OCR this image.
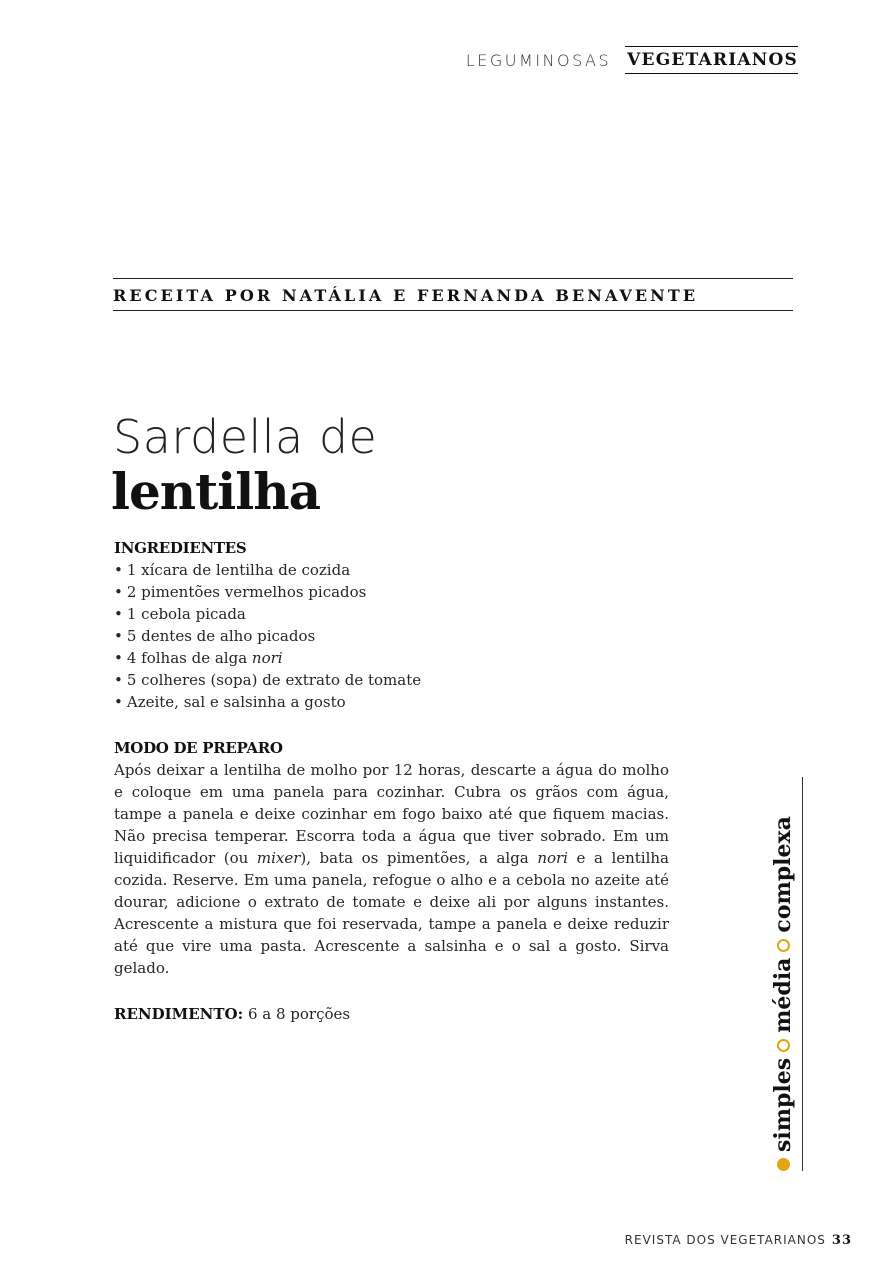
LEGUMINOSAS VEGETARIANOS
RECEITA POR NATÁLIA E FERNANDA BENAVENTE
Sardella de
lentilha
INGREDIENTES
• 1 xícara de lentilha de cozida
• 2 pimentões vermelhos picados
• 1 cebola picada
• 5 dentes de alho picados
• 4 folhas de alga nori
• 5 colheres (sopa) de extrato de tomate
• Azeite, sal e salsinha a gosto
MODO DE PREPARO

Após deixar a lentilha de molho por 12 horas, descarte a água do molho e coloque em uma panela para cozinhar. Cubra os grãos com água, tampe a panela e deixe cozinhar em fogo baixo até que fiquem macias. Não precisa temperar. Escorra toda a água que tiver sobrado. Em um liquidificador (ou mixer), bata os pimentões, a alga nori e a lentilha cozida. Reserve. Em uma panela, refogue o alho e a cebola no azeite até dourar, adicione o extrato de tomate e deixe ali por alguns instantes. Acrescente a mistura que foi reservada, tampe a panela e deixe reduzir até que vire uma pasta. Acrescente a salsinha e o sal a gosto. Sirva gelado.

RENDIMENTO: 6 a 8 porções

simples
média
complexa
REVISTA DOS VEGETARIANOS 33
